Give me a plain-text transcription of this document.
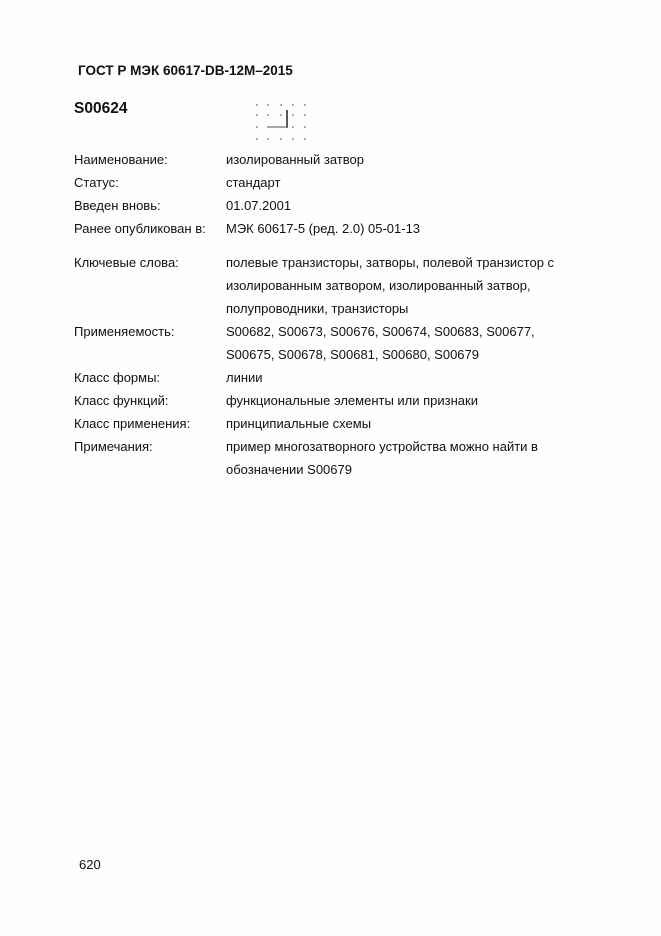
ГОСТ Р МЭК 60617-DB-12M–2015
S00624
Наименование:	изолированный затвор
Статус:	стандарт
Введен вновь:	01.07.2001
Ранее опубликован в:	МЭК 60617-5 (ред. 2.0) 05-01-13
Ключевые слова:	полевые транзисторы, затворы, полевой транзистор с
изолированным затвором, изолированный затвор,
полупроводники, транзисторы
Применяемость:	S00682, S00673, S00676, S00674, S00683, S00677,
S00675, S00678, S00681, S00680, S00679
Класс формы:	линии
Класс функций:	функциональные элементы или признаки
Класс применения:	принципиальные схемы
Примечания:	пример многозатворного устройства можно найти в
обозначении S00679
620
